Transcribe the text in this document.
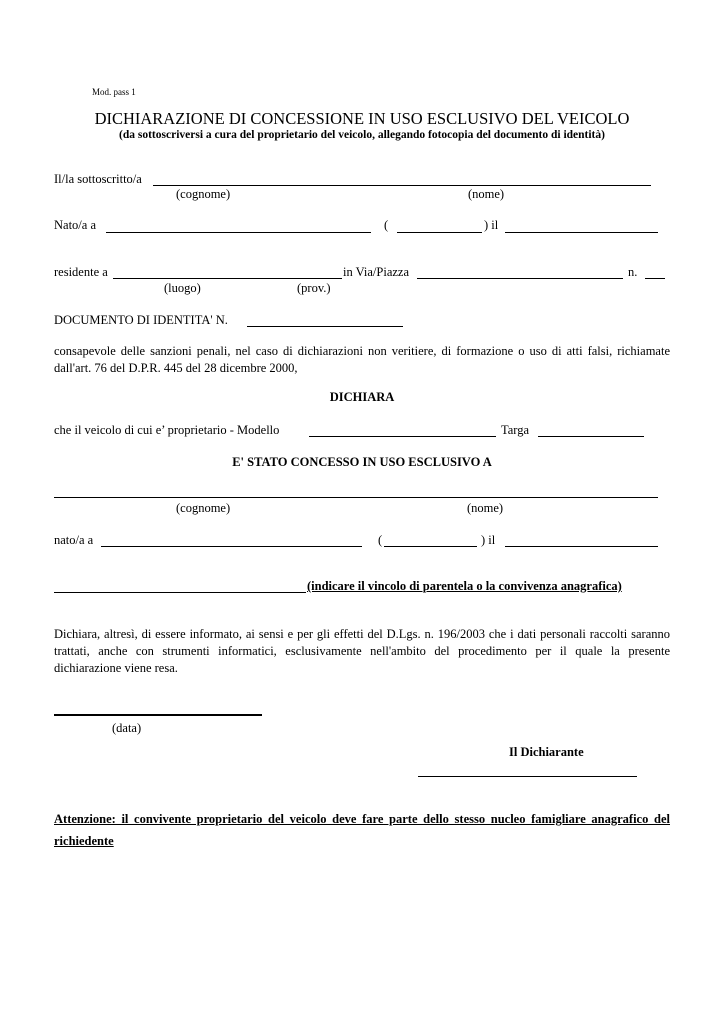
Mod. pass 1
DICHIARAZIONE DI CONCESSIONE IN USO ESCLUSIVO DEL VEICOLO
(da sottoscriversi a cura del proprietario del veicolo, allegando fotocopia del documento di identità)
Il/la sottoscritto/a
(cognome)	(nome)
Nato/a a	(	) il
residente a	in Via/Piazza	n.
(luogo)	(prov.)
DOCUMENTO DI IDENTITA' N.
consapevole delle sanzioni penali, nel caso di dichiarazioni non veritiere, di formazione o uso di atti falsi, richiamate dall'art. 76 del D.P.R. 445 del 28 dicembre 2000,
DICHIARA
che il veicolo di cui e’ proprietario - Modello	Targa
E' STATO CONCESSO IN USO ESCLUSIVO A
(cognome)	(nome)
nato/a a	(	) il
(indicare il vincolo di parentela o la convivenza anagrafica)
Dichiara, altresì, di essere informato, ai sensi e per gli effetti del D.Lgs. n. 196/2003 che i dati personali raccolti saranno trattati, anche con strumenti informatici, esclusivamente nell'ambito del procedimento per il quale la presente dichiarazione viene resa.
(data)
Il Dichiarante
Attenzione: il convivente proprietario del veicolo deve fare parte dello stesso nucleo famigliare anagrafico del richiedente
